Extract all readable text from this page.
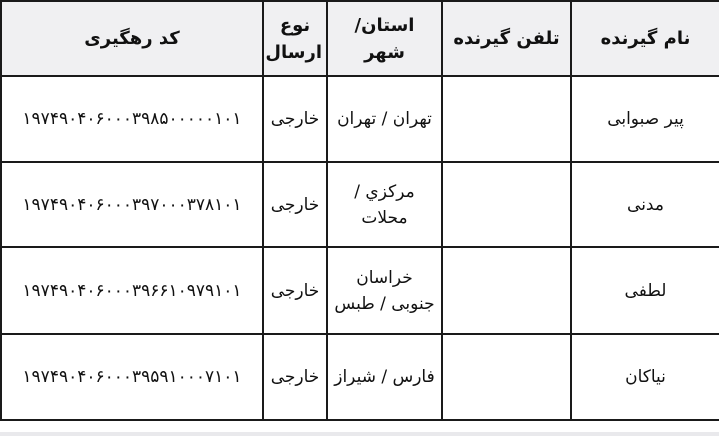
نام گیرنده	تلفن گیرنده	استان/ شهر	نوع ارسال	کد رهگیری
پیر صبوابی		تهران / تهران	خارجی	۱۹۷۴۹۰۴۰۶۰۰۰۳۹۸۵۰۰۰۰۰۱۰۱
مدنی		مرکزي / محلات	خارجی	۱۹۷۴۹۰۴۰۶۰۰۰۳۹۷۰۰۰۳۷۸۱۰۱
لطفی		خراسان جنوبی / طبس	خارجی	۱۹۷۴۹۰۴۰۶۰۰۰۳۹۶۶۱۰۹۷۹۱۰۱
نیاکان		فارس / شیراز	خارجی	۱۹۷۴۹۰۴۰۶۰۰۰۳۹۵۹۱۰۰۰۷۱۰۱
